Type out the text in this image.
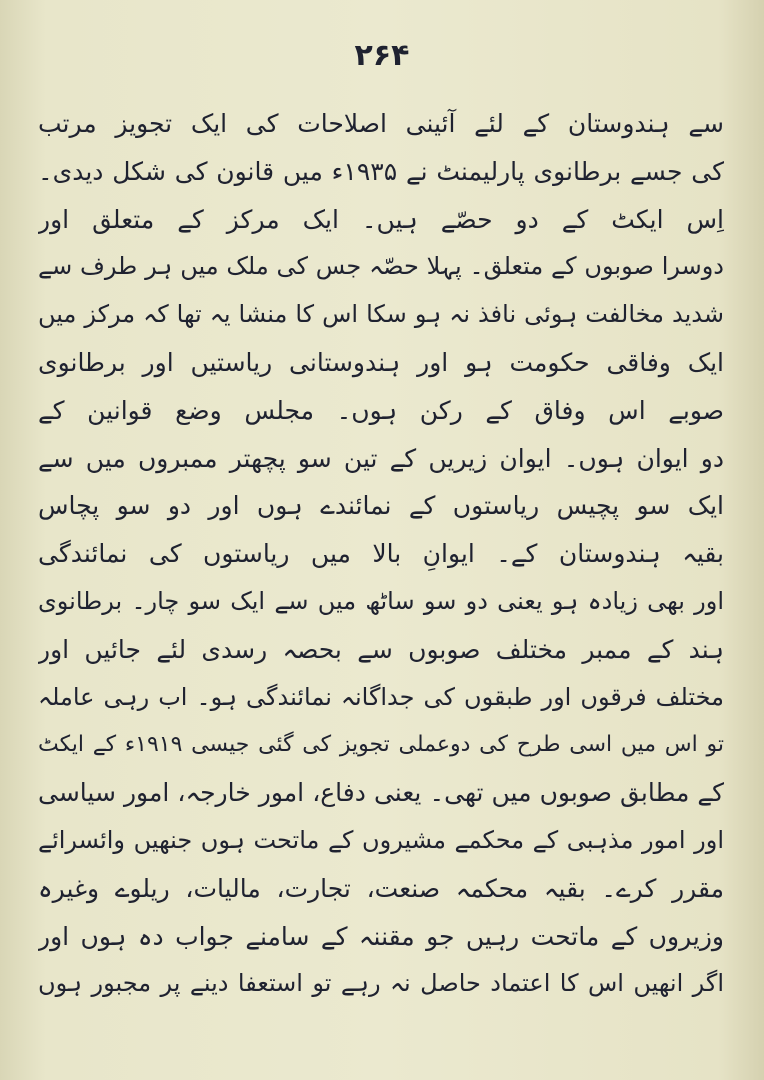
۲۶۴
سے ہندوستان کے لئے آئینی اصلاحات کی ایک تجویز مرتب
کی جسے برطانوی پارلیمنٹ نے ۱۹۳۵ء میں قانون کی شکل دیدی۔
اِس ایکٹ کے دو حصّے ہیں۔ ایک مرکز کے متعلق اور
دوسرا صوبوں کے متعلق۔ پہلا حصّہ جس کی ملک میں ہر طرف سے
شدید مخالفت ہوئی نافذ نہ ہو سکا اس کا منشا یہ تھا کہ مرکز میں
ایک وفاقی حکومت ہو اور ہندوستانی ریاستیں اور برطانوی
صوبے اس وفاق کے رکن ہوں۔ مجلس وضع قوانین کے
دو ایوان ہوں۔ ایوان زیریں کے تین سو پچھتر ممبروں میں سے
ایک سو پچیس ریاستوں کے نمائندے ہوں اور دو سو پچاس
بقیہ ہندوستان کے۔ ایوانِ بالا میں ریاستوں کی نمائندگی
اور بھی زیادہ ہو یعنی دو سو ساٹھ میں سے ایک سو چار۔ برطانوی
ہند کے ممبر مختلف صوبوں سے بحصہ رسدی لئے جائیں اور
مختلف فرقوں اور طبقوں کی جداگانہ نمائندگی ہو۔ اب رہی عاملہ
تو اس میں اسی طرح کی دوعملی تجویز کی گئی جیسی ۱۹۱۹ء کے ایکٹ
کے مطابق صوبوں میں تھی۔ یعنی دفاع، امور خارجہ، امور سیاسی
اور امور مذہبی کے محکمے مشیروں کے ماتحت ہوں جنھیں وائسرائے
مقرر کرے۔ بقیہ محکمہ صنعت، تجارت، مالیات، ریلوے وغیرہ
وزیروں کے ماتحت رہیں جو مقننہ کے سامنے جواب دہ ہوں اور
اگر انھیں اس کا اعتماد حاصل نہ رہے تو استعفا دینے پر مجبور ہوں
